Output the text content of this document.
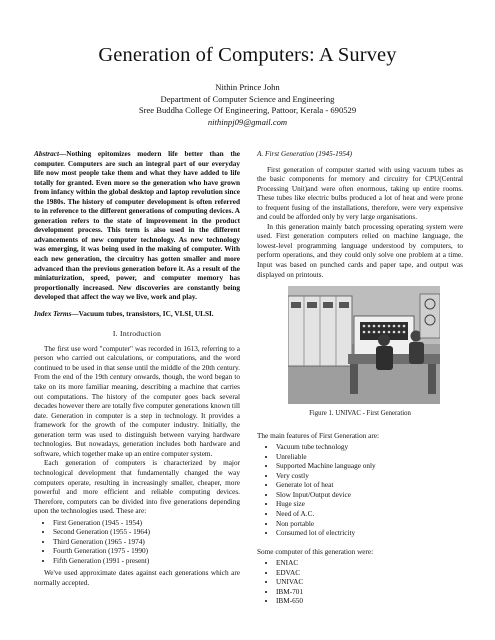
Generation of Computers: A Survey
Nithin Prince John
Department of Computer Science and Engineering
Sree Buddha College Of Engineering, Pattoor, Kerala - 690529
nithinpj09@gmail.com
Abstract—Nothing epitomizes modern life better than the computer. Computers are such an integral part of our everyday life now most people take them and what they have added to life totally for granted. Even more so the generation who have grown from infancy within the global desktop and laptop revolution since the 1980s. The history of computer development is often referred to in reference to the different generations of computing devices. A generation refers to the state of improvement in the product development process. This term is also used in the different advancements of new computer technology. As new technology was emerging, it was being used in the making of computer. With each new generation, the circuitry has gotten smaller and more advanced than the previous generation before it. As a result of the miniaturization, speed, power, and computer memory has proportionally increased. New discoveries are constantly being developed that affect the way we live, work and play.
Index Terms—Vacuum tubes, transistors, IC, VLSI, ULSI.
I. Introduction

The first use word "computer" was recorded in 1613, referring to a person who carried out calculations, or computations, and the word continued to be used in that sense until the middle of the 20th century. From the end of the 19th century onwards, though, the word began to take on its more familiar meaning, describing a machine that carries out computations. The history of the computer goes back several decades however there are totally five computer generations known till date. Generation in computer is a step in technology. It provides a framework for the growth of the computer industry. Initially, the generation term was used to distinguish between varying hardware technologies. But nowadays, generation includes both hardware and software, which together make up an entire computer system.

Each generation of computers is characterized by major technological development that fundamentally changed the way computers operate, resulting in increasingly smaller, cheaper, more powerful and more efficient and reliable computing devices. Therefore, computers can be divided into five generations depending upon the technologies used. These are:

• First Generation (1945 - 1954)
• Second Generation (1955 - 1964)
• Third Generation (1965 - 1974)
• Fourth Generation (1975 - 1990)
• Fifth Generation (1991 - present)

We've used approximate dates against each generations which are normally accepted.

A. First Generation (1945-1954)

First generation of computer started with using vacuum tubes as the basic components for memory and circuitry for CPU(Central Processing Unit)and were often enormous, taking up entire rooms. These tubes like electric bulbs produced a lot of heat and were prone to frequent fusing of the installations, therefore, were very expensive and could be afforded only by very large organisations.

In this generation mainly batch processing operating system were used. First generation computers relied on machine language, the lowest-level programming language understood by computers, to perform operations, and they could only solve one problem at a time. Input was based on punched cards and paper tape, and output was displayed on printouts.

Figure 1. UNIVAC - First Generation

The main features of First Generation are:

• Vacuum tube technology
• Unreliable
• Supported Machine language only
• Very costly
• Generate lot of heat
• Slow Input/Output device
• Huge size
• Need of A.C.
• Non portable
• Consumed lot of electricity

Some computer of this generation were:

• ENIAC
• EDVAC
• UNIVAC
• IBM-701
• IBM-650
